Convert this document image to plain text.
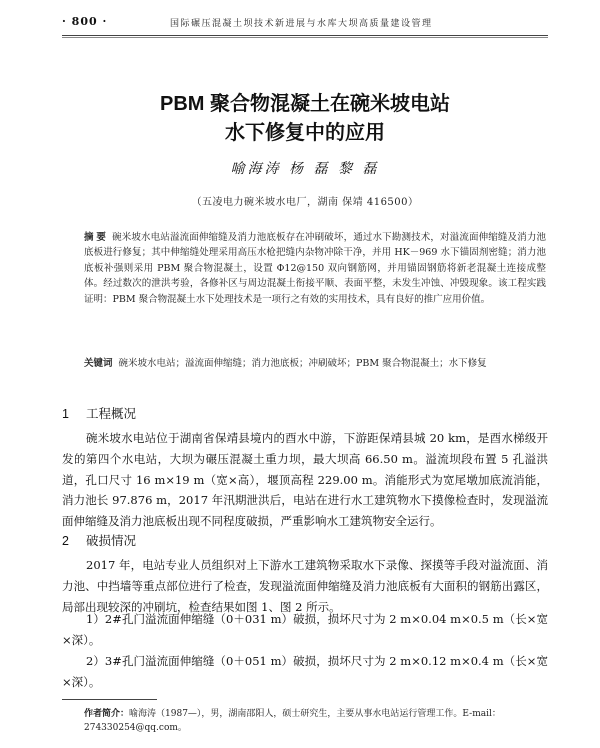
· 800 ·	国际碾压混凝土坝技术新进展与水库大坝高质量建设管理
PBM 聚合物混凝土在碗米坡电站
水下修复中的应用
喻海涛 杨 磊 黎 磊
（五凌电力碗米坡水电厂，湖南 保靖 416500）
摘 要 碗米坡水电站溢流面伸缩缝及消力池底板存在冲刷破坏，通过水下勘测技术，对溢流面伸缩缝及消力池底板进行修复；其中伸缩缝处理采用高压水枪把缝内杂物冲除干净，并用 HK－969 水下锚固剂密缝；消力池底板补强则采用 PBM 聚合物混凝土，设置 Φ12@150 双向钢筋网，并用锚固钢筋将新老混凝土连接成整体。经过数次的泄洪考验，各修补区与周边混凝土衔接平顺、表面平整，未发生冲蚀、冲毁现象。该工程实践证明：PBM 聚合物混凝土水下处理技术是一项行之有效的实用技术，具有良好的推广应用价值。
关键词 碗米坡水电站；溢流面伸缩缝；消力池底板；冲刷破坏；PBM 聚合物混凝土；水下修复
1 工程概况
碗米坡水电站位于湖南省保靖县境内的酉水中游，下游距保靖县城 20 km，是酉水梯级开发的第四个水电站，大坝为碾压混凝土重力坝，最大坝高 66.50 m。溢流坝段布置 5 孔溢洪道，孔口尺寸 16 m×19 m（宽×高），堰顶高程 229.00 m。消能形式为宽尾墩加底流消能，消力池长 97.876 m，2017 年汛期泄洪后，电站在进行水工建筑物水下摸像检查时，发现溢流面伸缩缝及消力池底板出现不同程度破损，严重影响水工建筑物安全运行。
2 破损情况
2017 年，电站专业人员组织对上下游水工建筑物采取水下录像、探摸等手段对溢流面、消力池、中挡墙等重点部位进行了检查，发现溢流面伸缩缝及消力池底板有大面积的钢筋出露区，局部出现较深的冲刷坑，检查结果如图 1、图 2 所示。
1）2#孔门溢流面伸缩缝（0＋031 m）破损，损坏尺寸为 2 m×0.04 m×0.5 m（长×宽×深）。
2）3#孔门溢流面伸缩缝（0＋051 m）破损，损坏尺寸为 2 m×0.12 m×0.4 m（长×宽×深）。
作者简介：喻海涛（1987—），男，湖南邵阳人，硕士研究生，主要从事水电站运行管理工作。E-mail：274330254@qq.com。
